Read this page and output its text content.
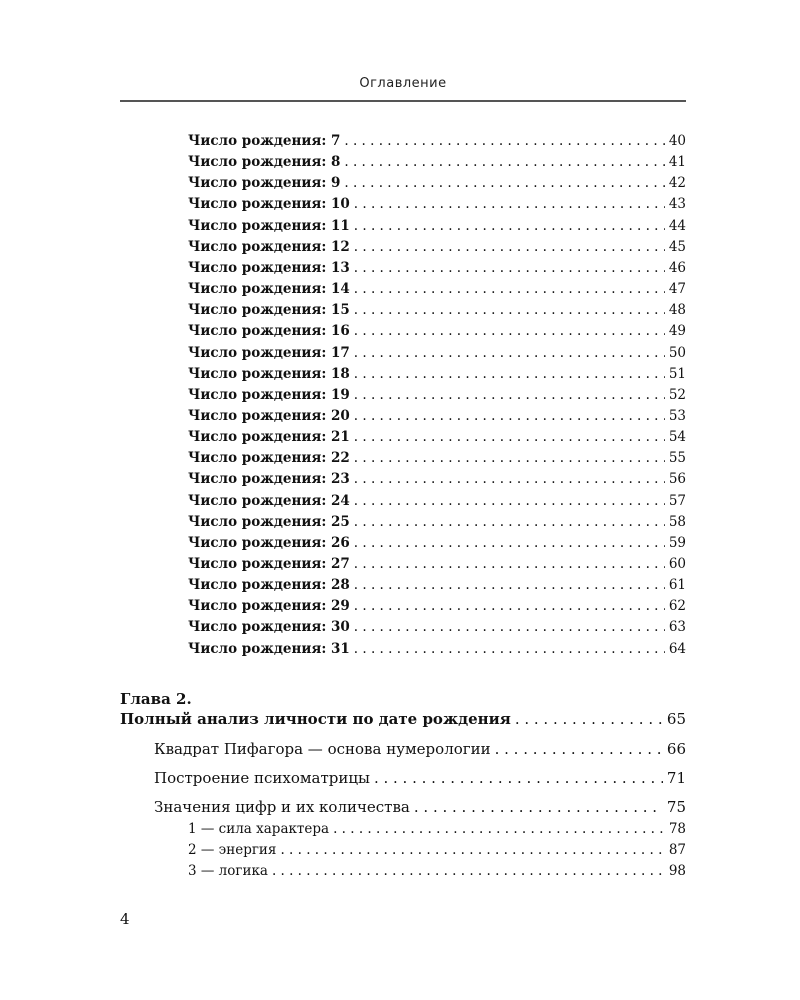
Оглавление
Число рождения: 7 . . .	40
Число рождения: 8 . . .	41
Число рождения: 9 . . .	42
Число рождения: 10 . . .	43
Число рождения: 11 . . .	44
Число рождения: 12 . . .	45
Число рождения: 13 . . .	46
Число рождения: 14 . . .	47
Число рождения: 15 . . .	48
Число рождения: 16 . . .	49
Число рождения: 17 . . .	50
Число рождения: 18 . . .	51
Число рождения: 19 . . .	52
Число рождения: 20 . . .	53
Число рождения: 21 . . .	54
Число рождения: 22 . . .	55
Число рождения: 23 . . .	56
Число рождения: 24 . . .	57
Число рождения: 25 . . .	58
Число рождения: 26 . . .	59
Число рождения: 27 . . .	60
Число рождения: 28 . . .	61
Число рождения: 29 . . .	62
Число рождения: 30 . . .	63
Число рождения: 31 . . .	64
Глава 2.
Полный анализ личности по дате рождения . . .	65
Квадрат Пифагора — основа нумерологии . . .	66
Построение психоматрицы . . .	71
Значения цифр и их количества . . .	75
1 — сила характера . . .	78
2 — энергия . . .	87
3 — логика . . .	98
4
